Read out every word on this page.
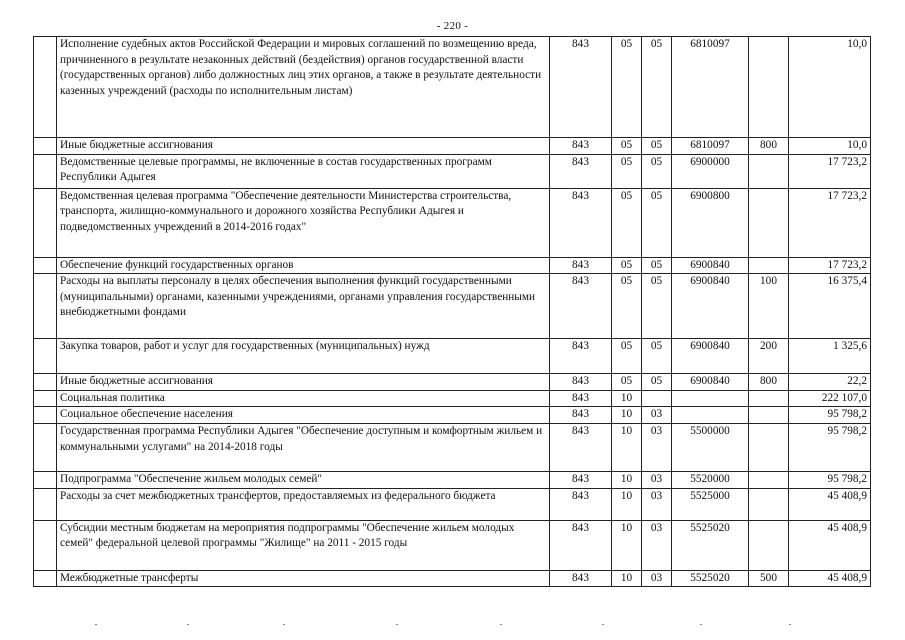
- 220 -
	Исполнение судебных актов Российской Федерации и мировых соглашений по возмещению вреда, причиненного в результате незаконных действий (бездействия) органов государственной власти (государственных органов) либо должностных лиц этих органов, а также в результате деятельности казенных учреждений (расходы по исполнительным листам)	843	05	05	6810097		10,0
	Иные бюджетные ассигнования	843	05	05	6810097	800	10,0
	Ведомственные целевые программы, не включенные в состав государственных программ Республики Адыгея	843	05	05	6900000		17 723,2
	Ведомственная целевая программа "Обеспечение деятельности Министерства строительства, транспорта, жилищно-коммунального и дорожного хозяйства Республики Адыгея и подведомственных учреждений в 2014-2016 годах"	843	05	05	6900800		17 723,2
	Обеспечение функций государственных органов	843	05	05	6900840		17 723,2
	Расходы на выплаты персоналу в целях обеспечения выполнения функций государственными (муниципальными) органами, казенными учреждениями, органами управления государственными внебюджетными фондами	843	05	05	6900840	100	16 375,4
	Закупка товаров, работ и услуг для государственных (муниципальных) нужд	843	05	05	6900840	200	1 325,6
	Иные бюджетные ассигнования	843	05	05	6900840	800	22,2
	Социальная политика	843	10				222 107,0
	Социальное обеспечение населения	843	10	03			95 798,2
	Государственная программа Республики Адыгея "Обеспечение доступным и комфортным жильем и коммунальными услугами" на 2014-2018 годы	843	10	03	5500000		95 798,2
	Подпрограмма "Обеспечение жильем молодых семей"	843	10	03	5520000		95 798,2
	Расходы за счет межбюджетных трансфертов, предоставляемых из федерального бюджета	843	10	03	5525000		45 408,9
	Субсидии местным бюджетам на мероприятия подпрограммы "Обеспечение жильем молодых семей" федеральной целевой программы "Жилище" на 2011 - 2015 годы	843	10	03	5525020		45 408,9
	Межбюджетные трансферты	843	10	03	5525020	500	45 408,9
